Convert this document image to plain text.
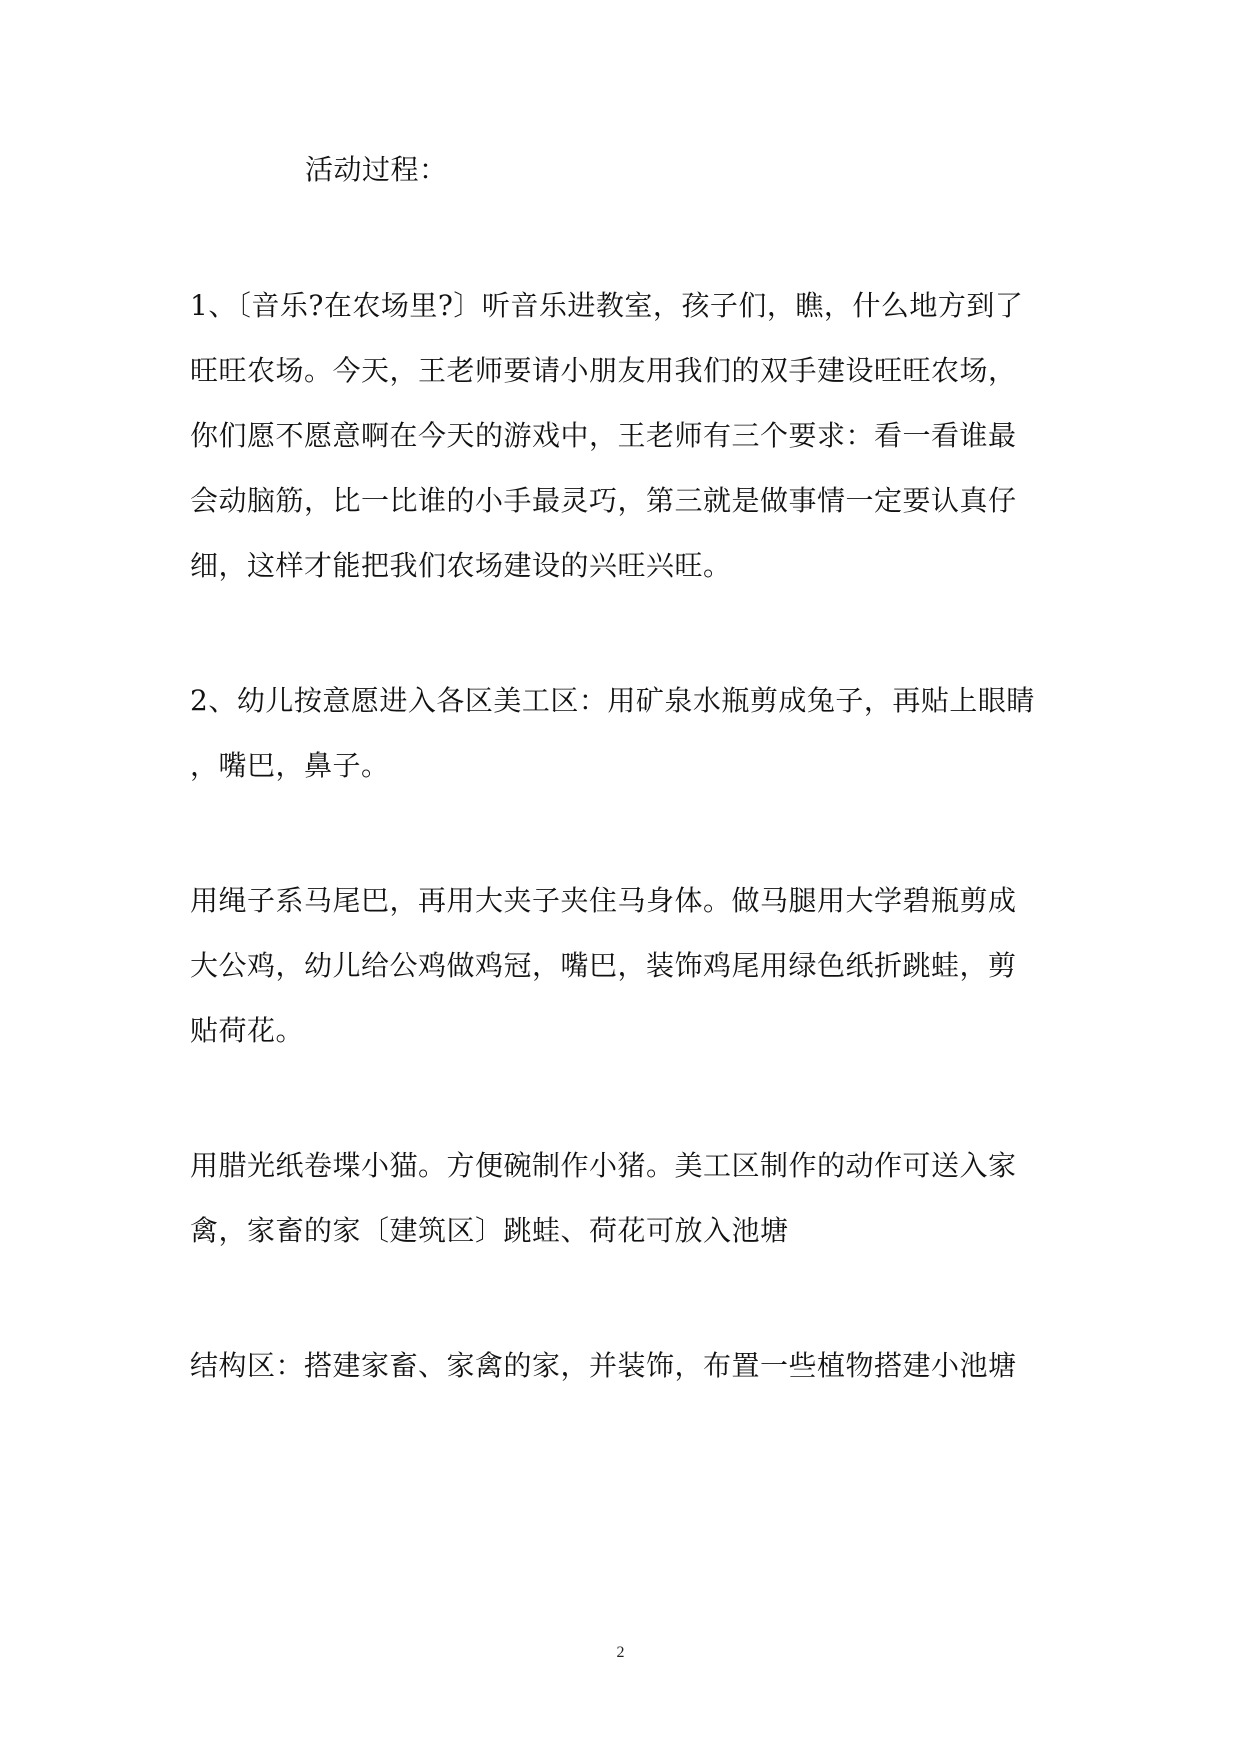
活动过程：
1、〔音乐?在农场里?〕听音乐进教室，孩子们，瞧，什么地方到了
旺旺农场。今天，王老师要请小朋友用我们的双手建设旺旺农场，
你们愿不愿意啊在今天的游戏中，王老师有三个要求：看一看谁最
会动脑筋，比一比谁的小手最灵巧，第三就是做事情一定要认真仔
细，这样才能把我们农场建设的兴旺兴旺。
2、幼儿按意愿进入各区美工区：用矿泉水瓶剪成兔子，再贴上眼睛
，嘴巴，鼻子。
用绳子系马尾巴，再用大夹子夹住马身体。做马腿用大学碧瓶剪成
大公鸡，幼儿给公鸡做鸡冠，嘴巴，装饰鸡尾用绿色纸折跳蛙，剪
贴荷花。
用腊光纸卷堞小猫。方便碗制作小猪。美工区制作的动作可送入家
禽，家畜的家〔建筑区〕跳蛙、荷花可放入池塘
结构区：搭建家畜、家禽的家，并装饰，布置一些植物搭建小池塘
2
